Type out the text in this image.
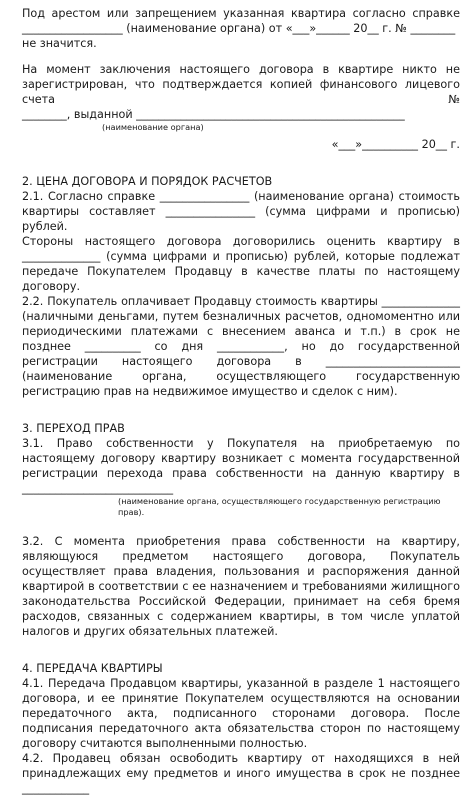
Под арестом или запрещением указанная квартира согласно справке
__________________ (наименование органа) от «___»______ 20__ г. № ________
не значится.
На момент заключения настоящего договора в квартире никто не зарегистрирован, что подтверждается копией финансового лицевого счета №
________, выданной ________________________________________________
(наименование органа)
«___»__________ 20__ г.
2. ЦЕНА ДОГОВОРА И ПОРЯДОК РАСЧЕТОВ

2.1. Согласно справке ________________ (наименование органа) стоимость квартиры составляет ________________ (сумма цифрами и прописью) рублей.

Стороны настоящего договора договорились оценить квартиру в ______________ (сумма цифрами и прописью) рублей, которые подлежат передаче Покупателем Продавцу в качестве платы по настоящему договору.

2.2. Покупатель оплачивает Продавцу стоимость квартиры ______________ (наличными деньгами, путем безналичных расчетов, одномоментно или периодическими платежами с внесением аванса и т.п.) в срок не позднее __________ со дня ____________, но до государственной регистрации настоящего договора в ________________________ (наименование органа, осуществляющего государственную регистрацию прав на недвижимое имущество и сделок с ним).

3. ПЕРЕХОД ПРАВ

3.1. Право собственности у Покупателя на приобретаемую по настоящему договору квартиру возникает с момента государственной регистрации перехода права собственности на данную квартиру в ___________________________

(наименование органа, осуществляющего государственную регистрацию прав).

3.2. С момента приобретения права собственности на квартиру, являющуюся предметом настоящего договора, Покупатель осуществляет права владения, пользования и распоряжения данной квартирой в соответствии с ее назначением и требованиями жилищного законодательства Российской Федерации, принимает на себя бремя расходов, связанных с содержанием квартиры, в том числе уплатой налогов и других обязательных платежей.

4. ПЕРЕДАЧА КВАРТИРЫ

4.1. Передача Продавцом квартиры, указанной в разделе 1 настоящего договора, и ее принятие Покупателем осуществляются на основании передаточного акта, подписанного сторонами договора. После подписания передаточного акта обязательства сторон по настоящему договору считаются выполненными полностью.

4.2. Продавец обязан освободить квартиру от находящихся в ней принадлежащих ему предметов и иного имущества в срок не позднее ____________
